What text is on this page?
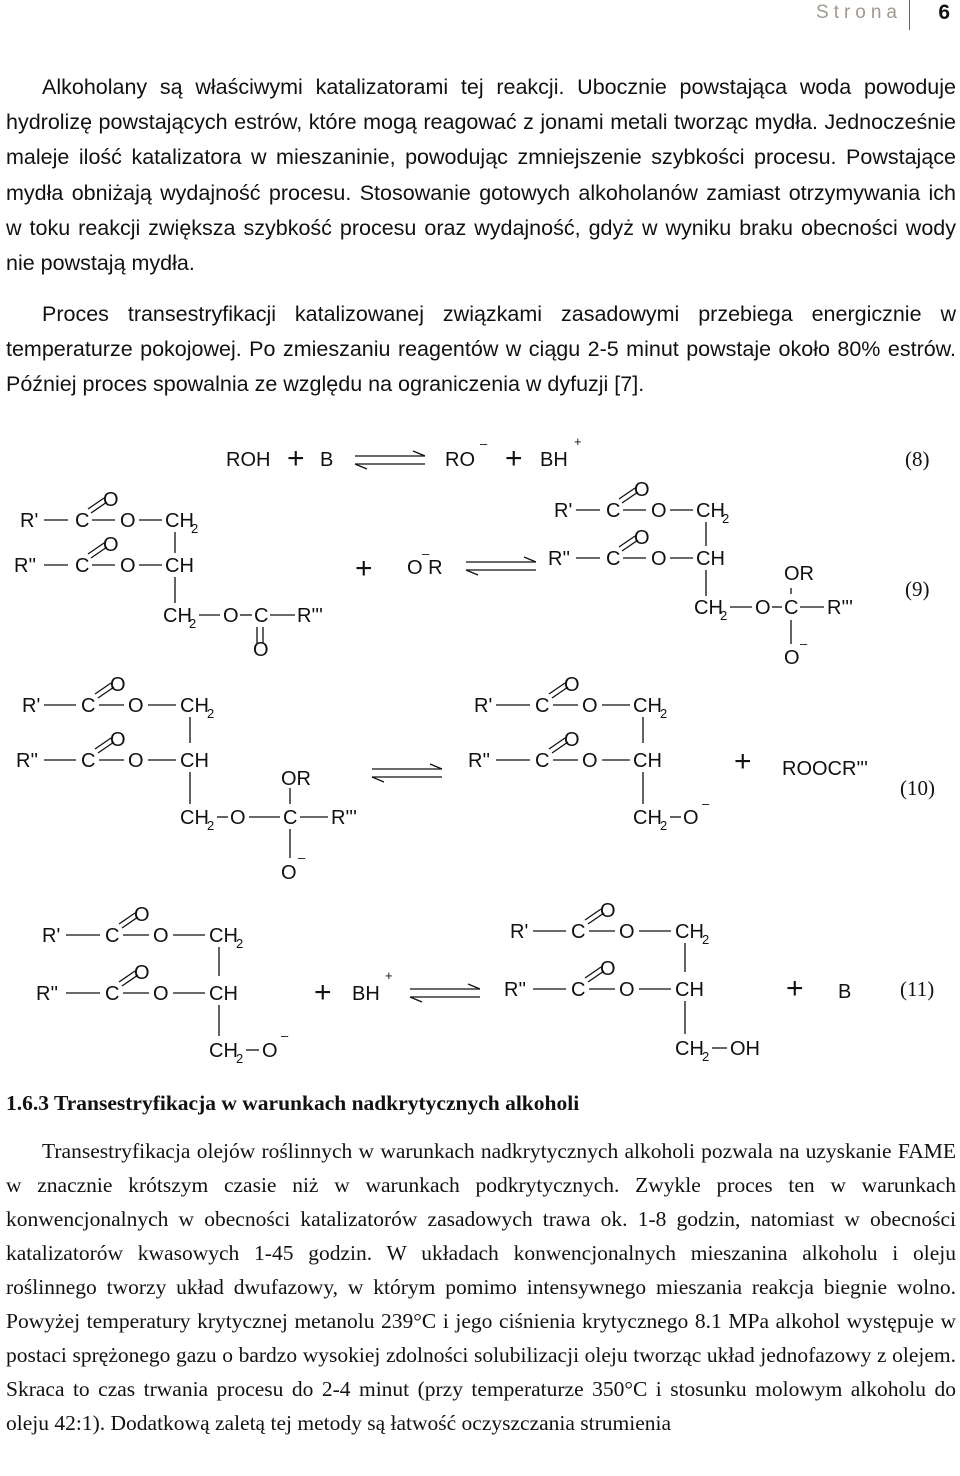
Strona 6

Alkoholany są właściwymi katalizatorami tej reakcji. Ubocznie powstająca woda powoduje hydrolizę powstających estrów, które mogą reagować z jonami metali tworząc mydła. Jednocześnie maleje ilość katalizatora w mieszaninie, powodując zmniejszenie szybkości procesu. Powstające mydła obniżają wydajność procesu. Stosowanie gotowych alkoholanów zamiast otrzymywania ich w toku reakcji zwiększa szybkość procesu oraz wydajność, gdyż w wyniku braku obecności wody nie powstają mydła.

Proces transestryfikacji katalizowanej związkami zasadowymi przebiega energicznie w temperaturze pokojowej. Po zmieszaniu reagentów w ciągu 2-5 minut powstaje około 80% estrów. Później proces spowalnia ze względu na ograniczenia w dyfuzji [7].

ROH + B	RO
– + BH
+
(8)
R' C
O
O CH
2
R'' C
O
O CH
CH
2 O C
O
R'''
+ O R
–
R' C
O
O CH
2
R'' C
O
O CH
CH
2 O C
OR
O
–
R'''
(9)
R' C
O
O CH
2
R'' C
O
O CH
CH
2 O C
OR
O
–
R'''
R' C
O
O CH
2
R'' C
O
O CH
CH
2 O
–
+ ROOCR'''
(10)
R' C
O
O CH
2
R'' C
O
O CH
CH
2 O
–
+ BH
+
R' C
O
O CH
2
R'' C
O
O CH
CH
2 OH
+ B (11)
1.6.3 Transestryfikacja w warunkach nadkrytycznych alkoholi

Transestryfikacja olejów roślinnych w warunkach nadkrytycznych alkoholi pozwala na uzyskanie FAME w znacznie krótszym czasie niż w warunkach podkrytycznych. Zwykle proces ten w warunkach konwencjonalnych w obecności katalizatorów zasadowych trawa ok. 1-8 godzin, natomiast w obecności katalizatorów kwasowych 1-45 godzin. W układach konwencjonalnych mieszanina alkoholu i oleju roślinnego tworzy układ dwufazowy, w którym pomimo intensywnego mieszania reakcja biegnie wolno. Powyżej temperatury krytycznej metanolu 239°C i jego ciśnienia krytycznego 8.1 MPa alkohol występuje w postaci sprężonego gazu o bardzo wysokiej zdolności solubilizacji oleju tworząc układ jednofazowy z olejem. Skraca to czas trwania procesu do 2-4 minut (przy temperaturze 350°C i stosunku molowym alkoholu do oleju 42:1). Dodatkową zaletą tej metody są łatwość oczyszczania strumienia
